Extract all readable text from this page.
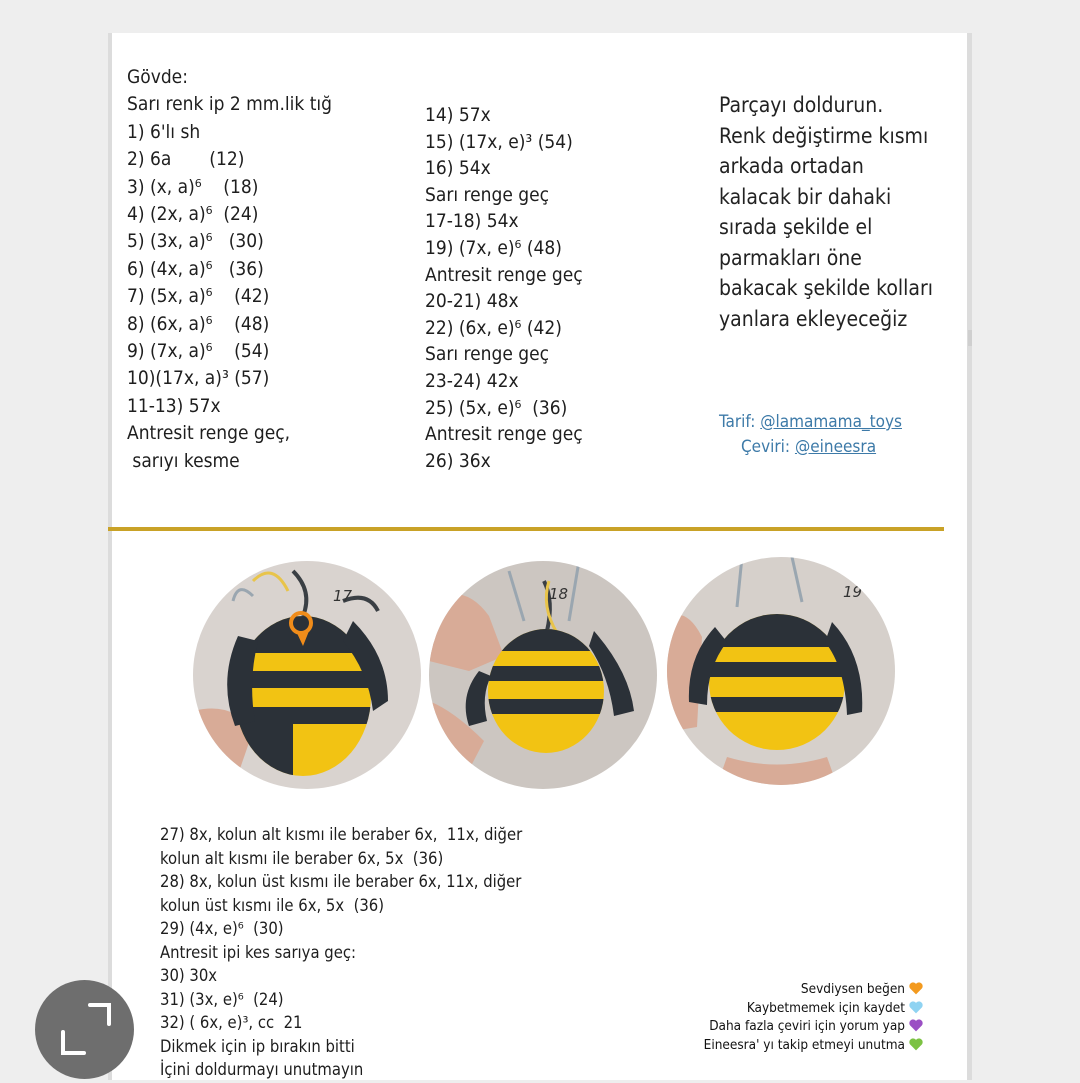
Gövde:
Sarı renk ip 2 mm.lik tığ
1) 6'lı sh
2) 6a       (12)
3) (x, a)⁶    (18)
4) (2x, a)⁶  (24)
5) (3x, a)⁶   (30)
6) (4x, a)⁶   (36)
7) (5x, a)⁶    (42)
8) (6x, a)⁶    (48)
9) (7x, a)⁶    (54)
10)(17x, a)³ (57)
11-13) 57x
Antresit renge geç,
sarıyı kesme
14) 57x
15) (17x, e)³ (54)
16) 54x
Sarı renge geç
17-18) 54x
19) (7x, e)⁶ (48)
Antresit renge geç
20-21) 48x
22) (6x, e)⁶ (42)
Sarı renge geç
23-24) 42x
25) (5x, e)⁶  (36)
Antresit renge geç
26) 36x
Parçayı doldurun.
Renk değiştirme kısmı
arkada ortadan
kalacak bir dahaki
sırada şekilde el
parmakları öne
bakacak şekilde kolları
yanlara ekleyeceğiz
Tarif: @lamamama_toys
Çeviri: @eineesra
17	18	19
27) 8x, kolun alt kısmı ile beraber 6x,  11x, diğer
kolun alt kısmı ile beraber 6x, 5x  (36)
28) 8x, kolun üst kısmı ile beraber 6x, 11x, diğer
kolun üst kısmı ile 6x, 5x  (36)
29) (4x, e)⁶  (30)
Antresit ipi kes sarıya geç:
30) 30x
31) (3x, e)⁶  (24)
32) ( 6x, e)³, cc  21
Dikmek için ip bırakın bitti
İçini doldurmayı unutmayın
Sevdiysen beğen
Kaybetmemek için kaydet
Daha fazla çeviri için yorum yap
Eineesra' yı takip etmeyi unutma
